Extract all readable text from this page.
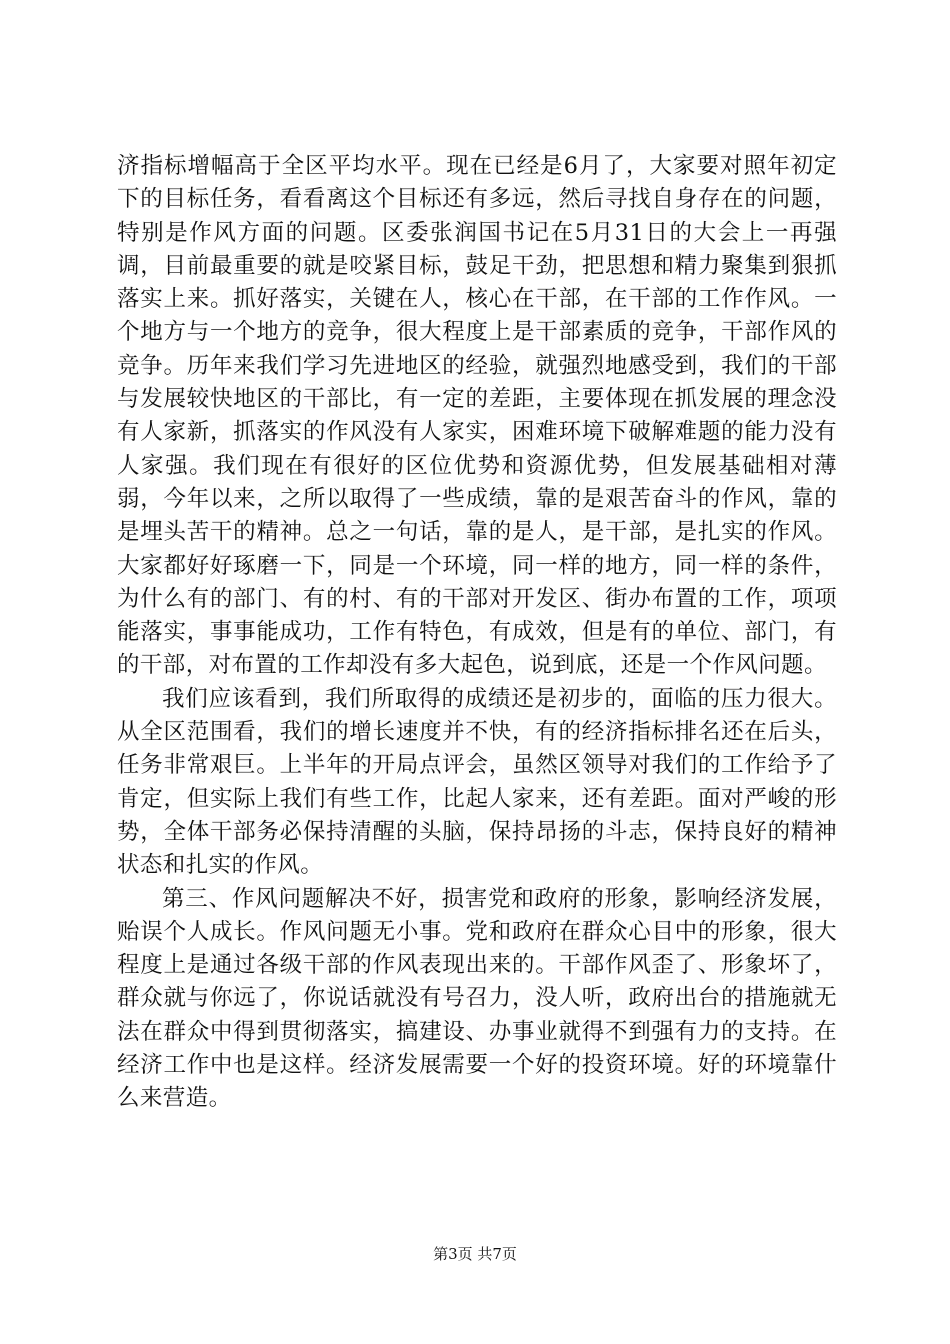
济指标增幅高于全区平均水平。现在已经是6月了，大家要对照年初定下的目标任务，看看离这个目标还有多远，然后寻找自身存在的问题，特别是作风方面的问题。区委张润国书记在5月31日的大会上一再强调，目前最重要的就是咬紧目标，鼓足干劲，把思想和精力聚集到狠抓落实上来。抓好落实，关键在人，核心在干部，在干部的工作作风。一个地方与一个地方的竞争，很大程度上是干部素质的竞争，干部作风的竞争。历年来我们学习先进地区的经验，就强烈地感受到，我们的干部与发展较快地区的干部比，有一定的差距，主要体现在抓发展的理念没有人家新，抓落实的作风没有人家实，困难环境下破解难题的能力没有人家强。我们现在有很好的区位优势和资源优势，但发展基础相对薄弱，今年以来，之所以取得了一些成绩，靠的是艰苦奋斗的作风，靠的是埋头苦干的精神。总之一句话，靠的是人，是干部，是扎实的作风。大家都好好琢磨一下，同是一个环境，同一样的地方，同一样的条件，为什么有的部门、有的村、有的干部对开发区、街办布置的工作，项项能落实，事事能成功，工作有特色，有成效，但是有的单位、部门，有的干部，对布置的工作却没有多大起色，说到底，还是一个作风问题。

我们应该看到，我们所取得的成绩还是初步的，面临的压力很大。从全区范围看，我们的增长速度并不快，有的经济指标排名还在后头，任务非常艰巨。上半年的开局点评会，虽然区领导对我们的工作给予了肯定，但实际上我们有些工作，比起人家来，还有差距。面对严峻的形势，全体干部务必保持清醒的头脑，保持昂扬的斗志，保持良好的精神状态和扎实的作风。

第三、作风问题解决不好，损害党和政府的形象，影响经济发展，贻误个人成长。作风问题无小事。党和政府在群众心目中的形象，很大程度上是通过各级干部的作风表现出来的。干部作风歪了、形象坏了，群众就与你远了，你说话就没有号召力，没人听，政府出台的措施就无法在群众中得到贯彻落实，搞建设、办事业就得不到强有力的支持。在经济工作中也是这样。经济发展需要一个好的投资环境。好的环境靠什么来营造。

第3页 共7页
